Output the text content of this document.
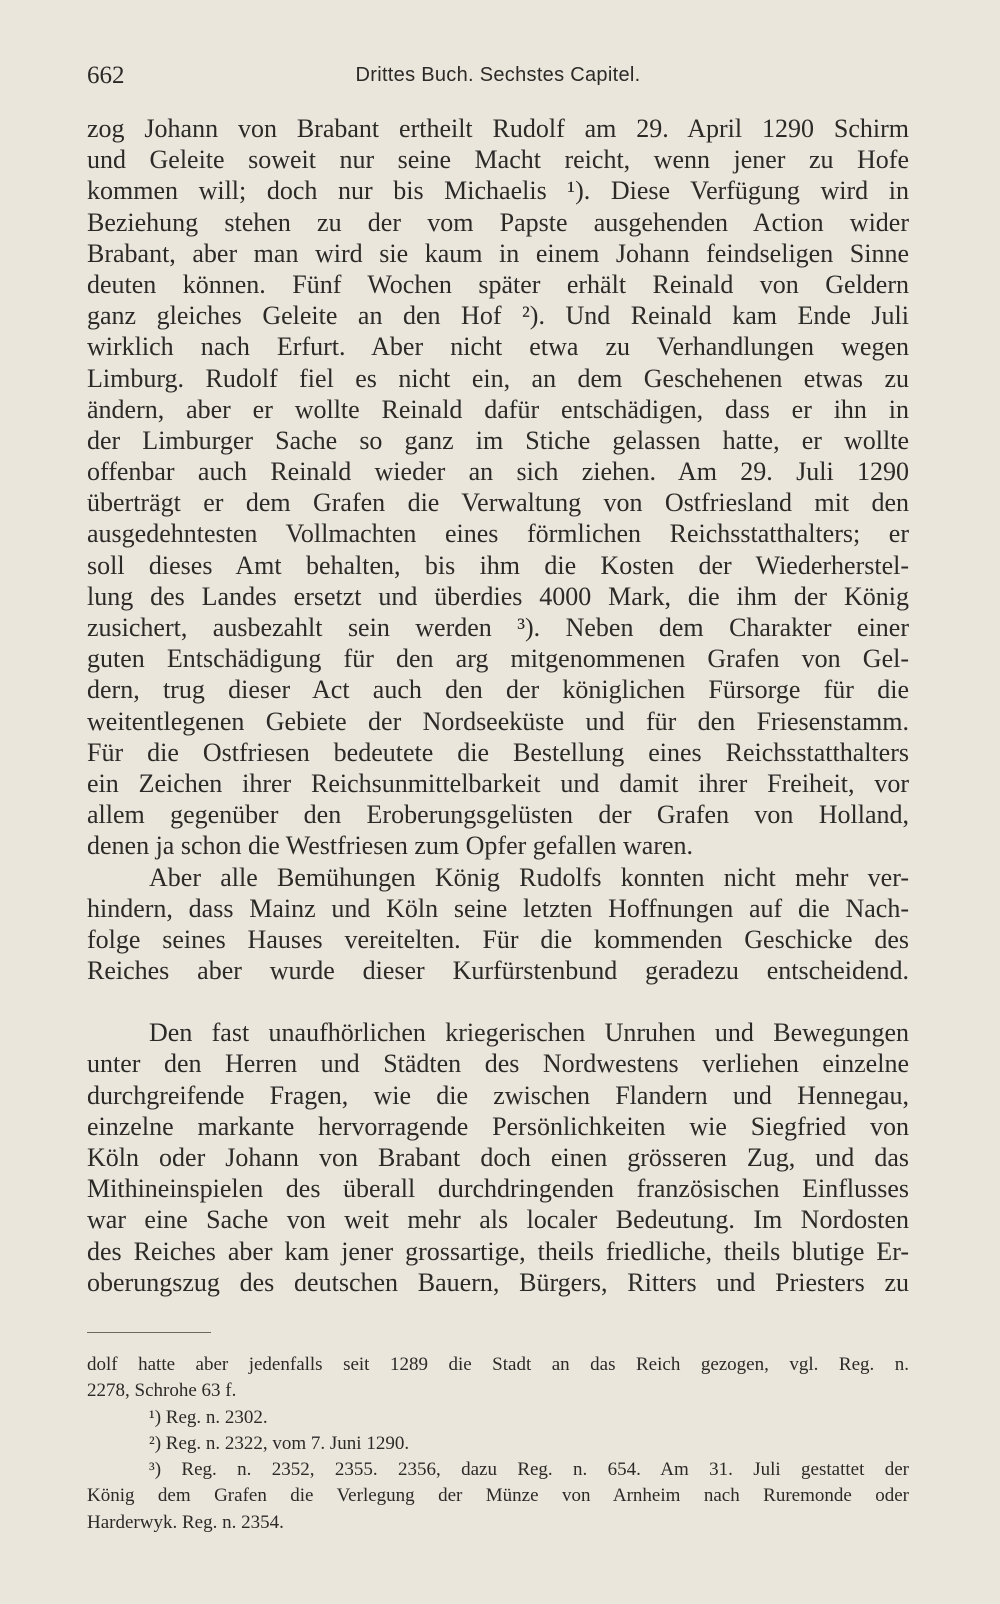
662	Drittes Buch. Sechstes Capitel.
zog Johann von Brabant ertheilt Rudolf am 29. April 1290 Schirm
und Geleite soweit nur seine Macht reicht, wenn jener zu Hofe
kommen will; doch nur bis Michaelis ¹). Diese Verfügung wird in
Beziehung stehen zu der vom Papste ausgehenden Action wider
Brabant, aber man wird sie kaum in einem Johann feindseligen Sinne
deuten können. Fünf Wochen später erhält Reinald von Geldern
ganz gleiches Geleite an den Hof ²). Und Reinald kam Ende Juli
wirklich nach Erfurt. Aber nicht etwa zu Verhandlungen wegen
Limburg. Rudolf fiel es nicht ein, an dem Geschehenen etwas zu
ändern, aber er wollte Reinald dafür entschädigen, dass er ihn in
der Limburger Sache so ganz im Stiche gelassen hatte, er wollte
offenbar auch Reinald wieder an sich ziehen. Am 29. Juli 1290
überträgt er dem Grafen die Verwaltung von Ostfriesland mit den
ausgedehntesten Vollmachten eines förmlichen Reichsstatthalters; er
soll dieses Amt behalten, bis ihm die Kosten der Wiederherstel-
lung des Landes ersetzt und überdies 4000 Mark, die ihm der König
zusichert, ausbezahlt sein werden ³). Neben dem Charakter einer
guten Entschädigung für den arg mitgenommenen Grafen von Gel-
dern, trug dieser Act auch den der königlichen Fürsorge für die
weitentlegenen Gebiete der Nordseeküste und für den Friesenstamm.
Für die Ostfriesen bedeutete die Bestellung eines Reichsstatthalters
ein Zeichen ihrer Reichsunmittelbarkeit und damit ihrer Freiheit, vor
allem gegenüber den Eroberungsgelüsten der Grafen von Holland,
denen ja schon die Westfriesen zum Opfer gefallen waren.
Aber alle Bemühungen König Rudolfs konnten nicht mehr ver-
hindern, dass Mainz und Köln seine letzten Hoffnungen auf die Nach-
folge seines Hauses vereitelten. Für die kommenden Geschicke des
Reiches aber wurde dieser Kurfürstenbund geradezu entscheidend.
Den fast unaufhörlichen kriegerischen Unruhen und Bewegungen
unter den Herren und Städten des Nordwestens verliehen einzelne
durchgreifende Fragen, wie die zwischen Flandern und Hennegau,
einzelne markante hervorragende Persönlichkeiten wie Siegfried von
Köln oder Johann von Brabant doch einen grösseren Zug, und das
Mithineinspielen des überall durchdringenden französischen Einflusses
war eine Sache von weit mehr als localer Bedeutung. Im Nordosten
des Reiches aber kam jener grossartige, theils friedliche, theils blutige Er-
oberungszug des deutschen Bauern, Bürgers, Ritters und Priesters zu
dolf hatte aber jedenfalls seit 1289 die Stadt an das Reich gezogen, vgl. Reg. n.
2278, Schrohe 63 f.
¹) Reg. n. 2302.
²) Reg. n. 2322, vom 7. Juni 1290.
³) Reg. n. 2352, 2355. 2356, dazu Reg. n. 654. Am 31. Juli gestattet der
König dem Grafen die Verlegung der Münze von Arnheim nach Ruremonde oder
Harderwyk. Reg. n. 2354.
